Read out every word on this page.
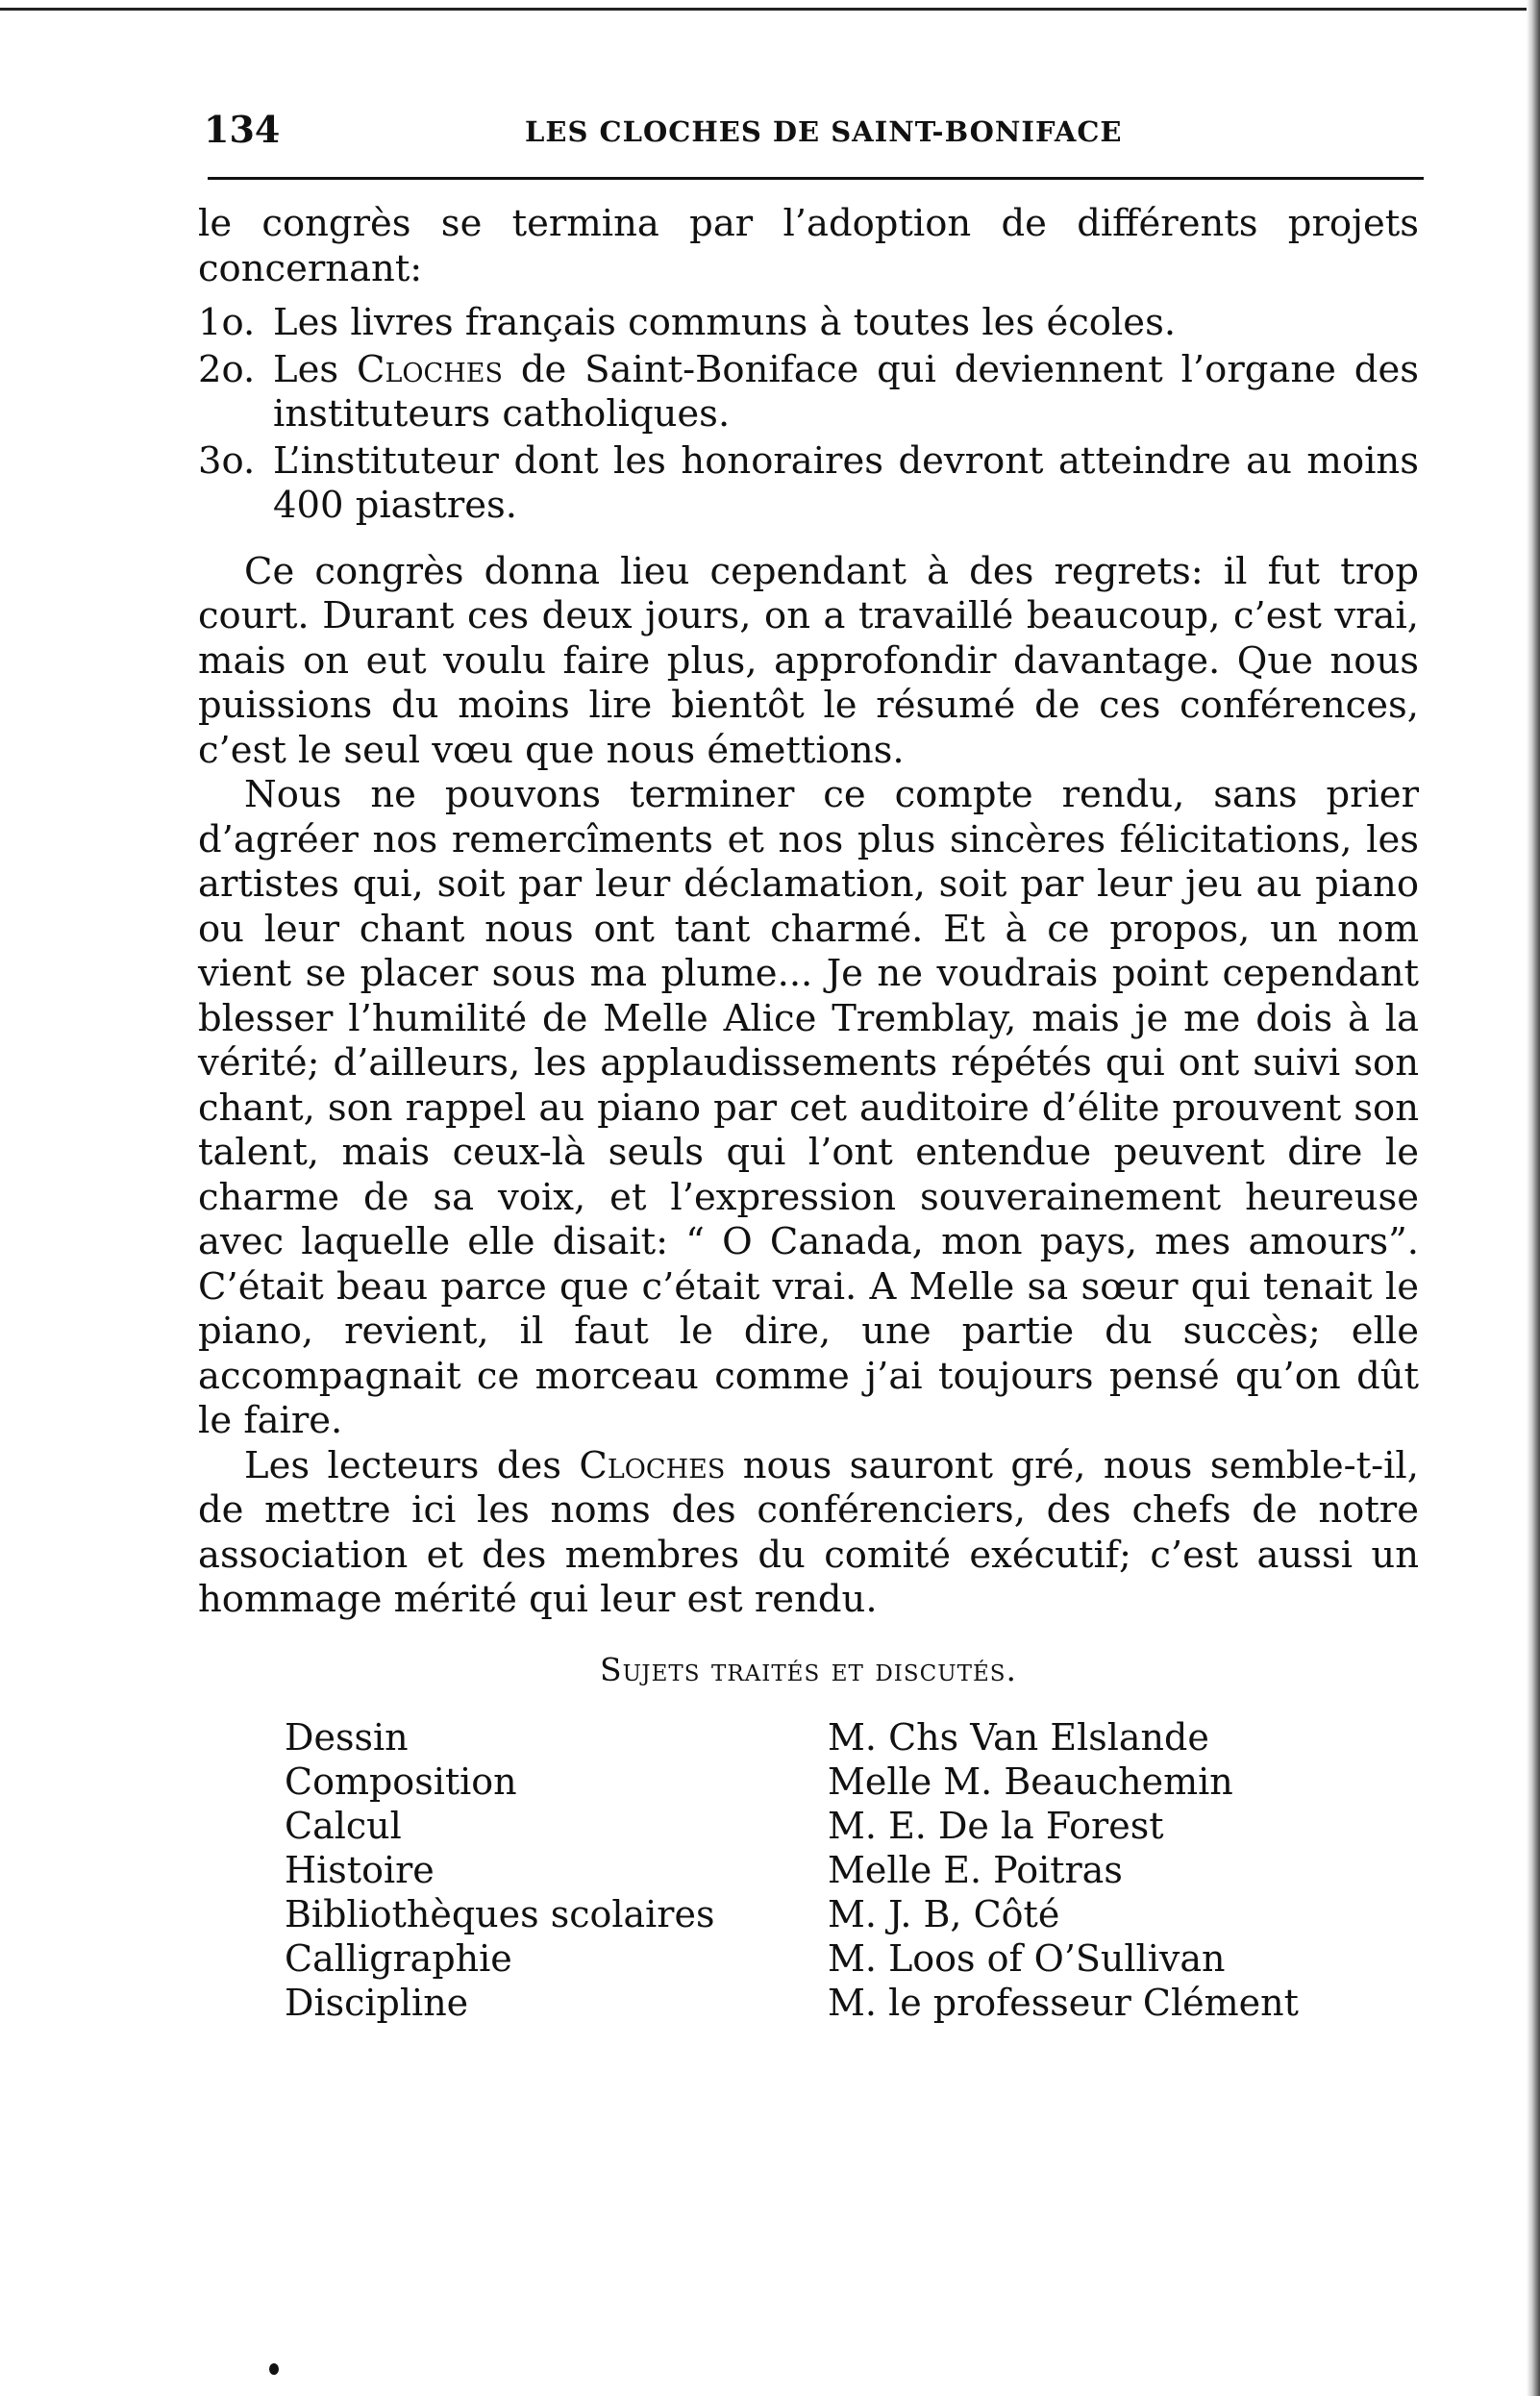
134	LES CLOCHES DE SAINT-BONIFACE

le congrès se termina par l’adoption de différents projets concernant:

1o. Les livres français communs à toutes les écoles.
2o. Les Cloches de Saint-Boniface qui deviennent l’organe des instituteurs catholiques.
3o. L’instituteur dont les honoraires devront atteindre au moins 400 piastres.

Ce congrès donna lieu cependant à des regrets: il fut trop court. Durant ces deux jours, on a travaillé beaucoup, c’est vrai, mais on eut voulu faire plus, approfondir davantage. Que nous puissions du moins lire bientôt le résumé de ces conférences, c’est le seul vœu que nous émettions.

Nous ne pouvons terminer ce compte rendu, sans prier d’agréer nos remercîments et nos plus sincères félicitations, les artistes qui, soit par leur déclamation, soit par leur jeu au piano ou leur chant nous ont tant charmé. Et à ce propos, un nom vient se placer sous ma plume... Je ne voudrais point cependant blesser l’humilité de Melle Alice Tremblay, mais je me dois à la vérité; d’ailleurs, les applaudissements répétés qui ont suivi son chant, son rappel au piano par cet auditoire d’élite prouvent son talent, mais ceux-là seuls qui l’ont entendue peuvent dire le charme de sa voix, et l’expression souverainement heureuse avec laquelle elle disait: “ O Canada, mon pays, mes amours”. C’était beau parce que c’était vrai. A Melle sa sœur qui tenait le piano, revient, il faut le dire, une partie du succès; elle accompagnait ce morceau comme j’ai toujours pensé qu’on dût le faire.

Les lecteurs des Cloches nous sauront gré, nous semble-t-il, de mettre ici les noms des conférenciers, des chefs de notre association et des membres du comité exécutif; c’est aussi un hommage mérité qui leur est rendu.

Sujets traités et discutés.
Dessin	M. Chs Van Elslande
Composition	Melle M. Beauchemin
Calcul	M. E. De la Forest
Histoire	Melle E. Poitras
Bibliothèques scolaires	M. J. B, Côté
Calligraphie	M. Loos of O’Sullivan
Discipline	M. le professeur Clément
